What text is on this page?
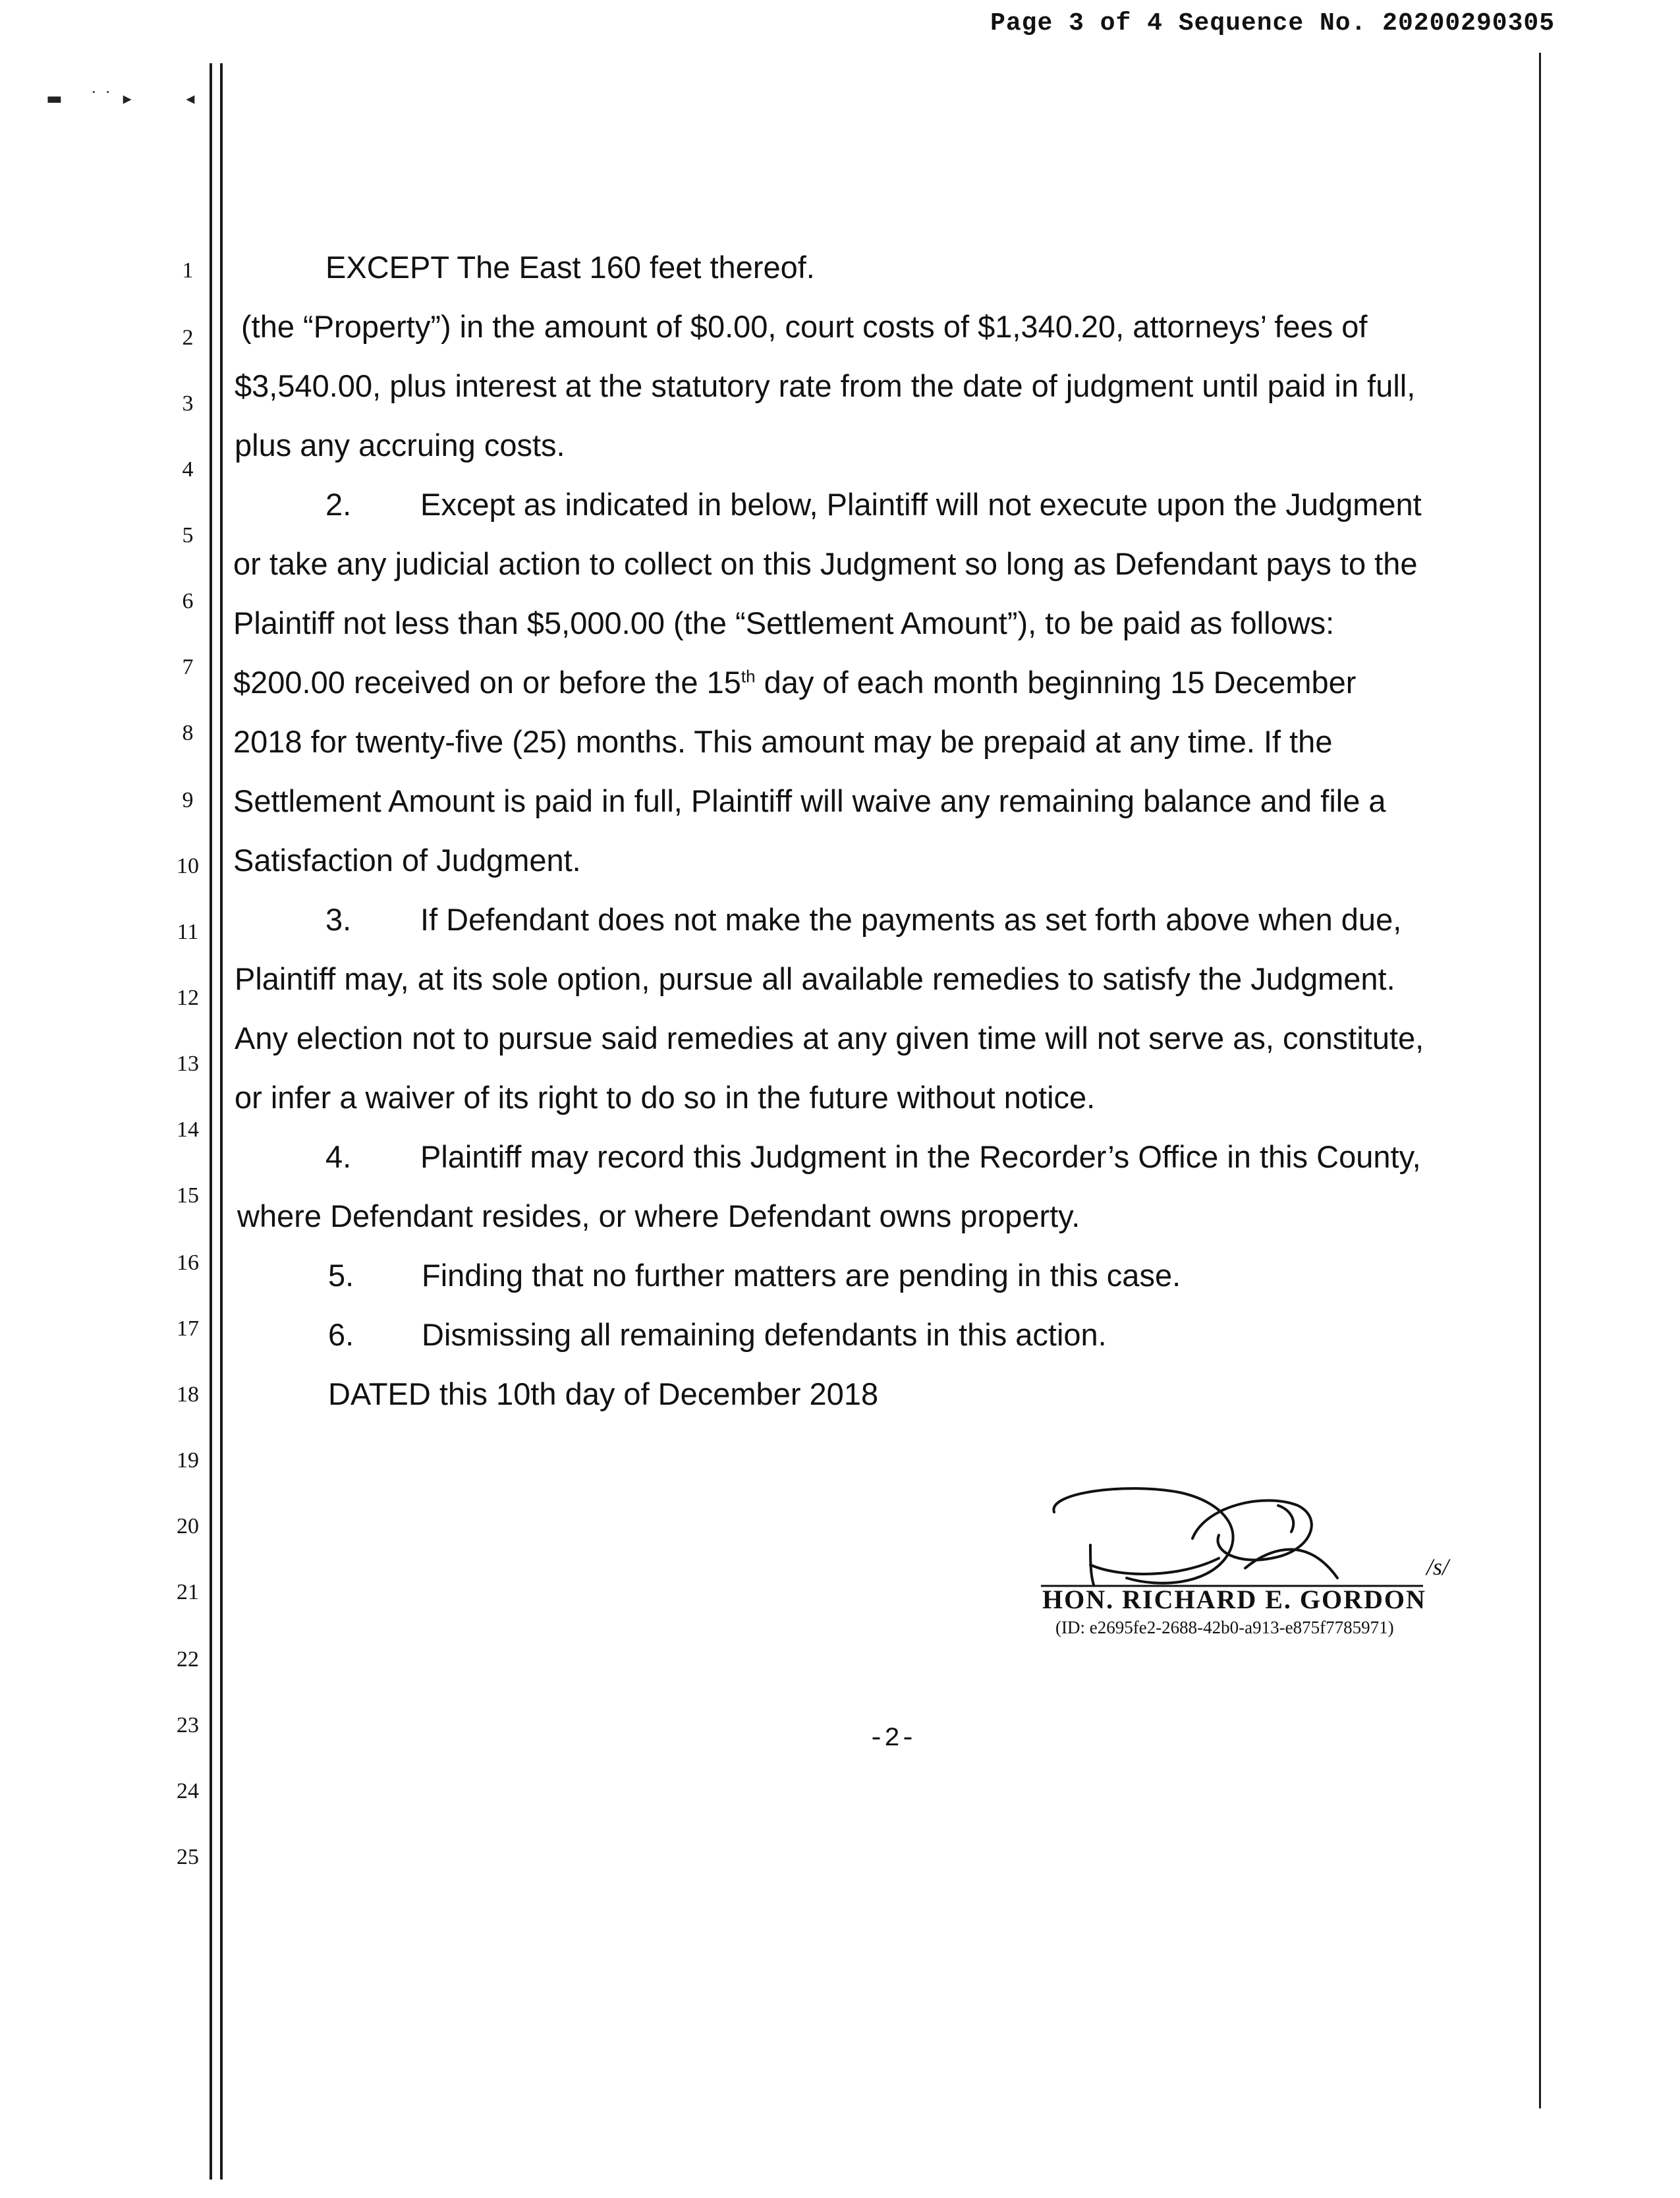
Page 3 of 4 Sequence No. 20200290305
▬     ˙ ˙  ▸          ◂
1
2
3
4
5
6
7
8
9
10
11
12
13
14
15
16
17
18
19
20
21
22
23
24
25
EXCEPT The East 160 feet thereof.
(the “Property”) in the amount of $0.00, court costs of $1,340.20, attorneys’ fees of
$3,540.00, plus interest at the statutory rate from the date of judgment until paid in full,
plus any accruing costs.
2. Except as indicated in below, Plaintiff will not execute upon the Judgment
or take any judicial action to collect on this Judgment so long as Defendant pays to the
Plaintiff not less than $5,000.00 (the “Settlement Amount”), to be paid as follows:
$200.00 received on or before the 15th day of each month beginning 15 December
2018 for twenty-five (25) months. This amount may be prepaid at any time. If the
Settlement Amount is paid in full, Plaintiff will waive any remaining balance and file a
Satisfaction of Judgment.
3. If Defendant does not make the payments as set forth above when due,
Plaintiff may, at its sole option, pursue all available remedies to satisfy the Judgment.
Any election not to pursue said remedies at any given time will not serve as, constitute,
or infer a waiver of its right to do so in the future without notice.
4. Plaintiff may record this Judgment in the Recorder’s Office in this County,
where Defendant resides, or where Defendant owns property.
5. Finding that no further matters are pending in this case.
6. Dismissing all remaining defendants in this action.
DATED this 10th day of December 2018
/s/
HON. RICHARD E. GORDON
(ID: e2695fe2-2688-42b0-a913-e875f7785971)
-2-
